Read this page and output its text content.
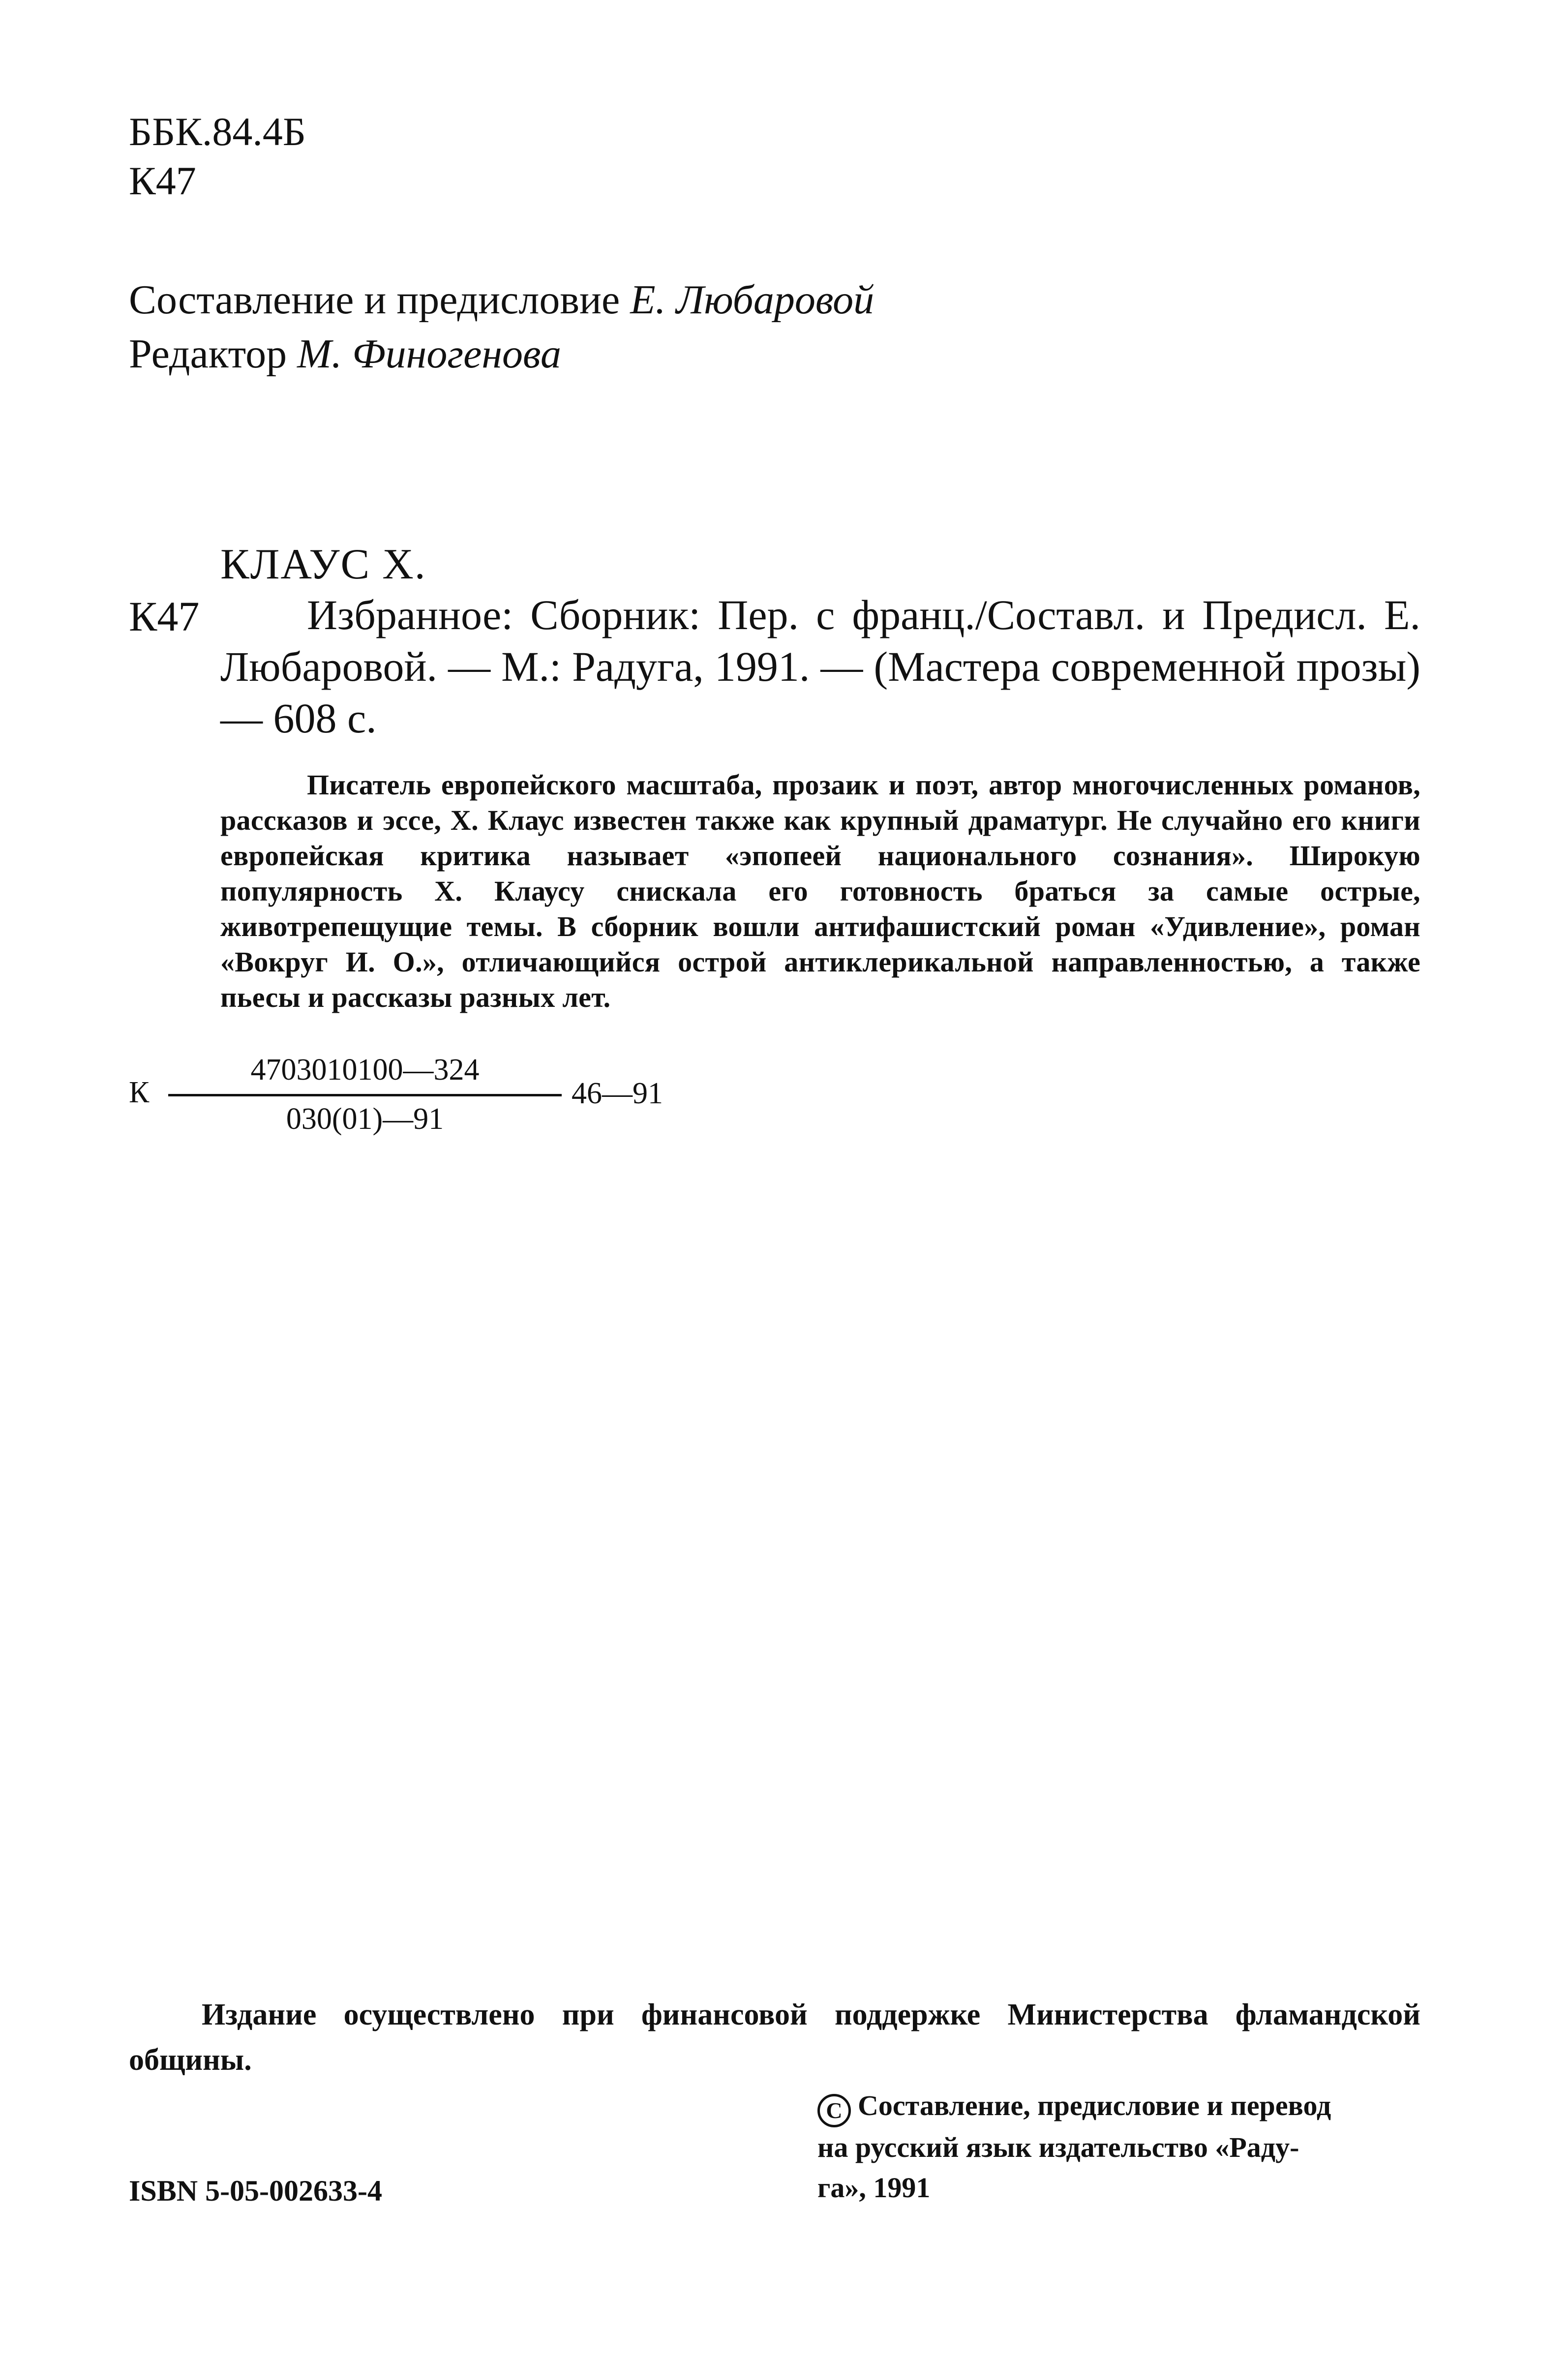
ББК.84.4Б
К47
Составление и предисловие Е. Любаровой
Редактор М. Финогенова
КЛАУС Х.
К47	Избранное: Сборник: Пер. с франц./Составл. и Предисл. Е. Любаровой. — М.: Радуга, 1991. — (Мастера современной прозы) — 608 с.
Писатель европейского масштаба, прозаик и поэт, автор многочисленных романов, рассказов и эссе, Х. Клаус известен также как крупный драматург. Не случайно его книги европейская критика называет «эпопеей национального сознания». Широкую популярность Х. Клаусу снискала его готовность браться за самые острые, животрепещущие темы. В сборник вошли антифашистский роман «Удивление», роман «Вокруг И. О.», отличающийся острой антиклерикальной направленностью, а также пьесы и рассказы разных лет.
К
4703010100—324
030(01)—91
46—91
Издание осуществлено при финансовой поддержке Министерства фламандской общины.
ISBN 5-05-002633-4
C Составление, предисловие и перевод
на русский язык издательство «Раду-
га», 1991
